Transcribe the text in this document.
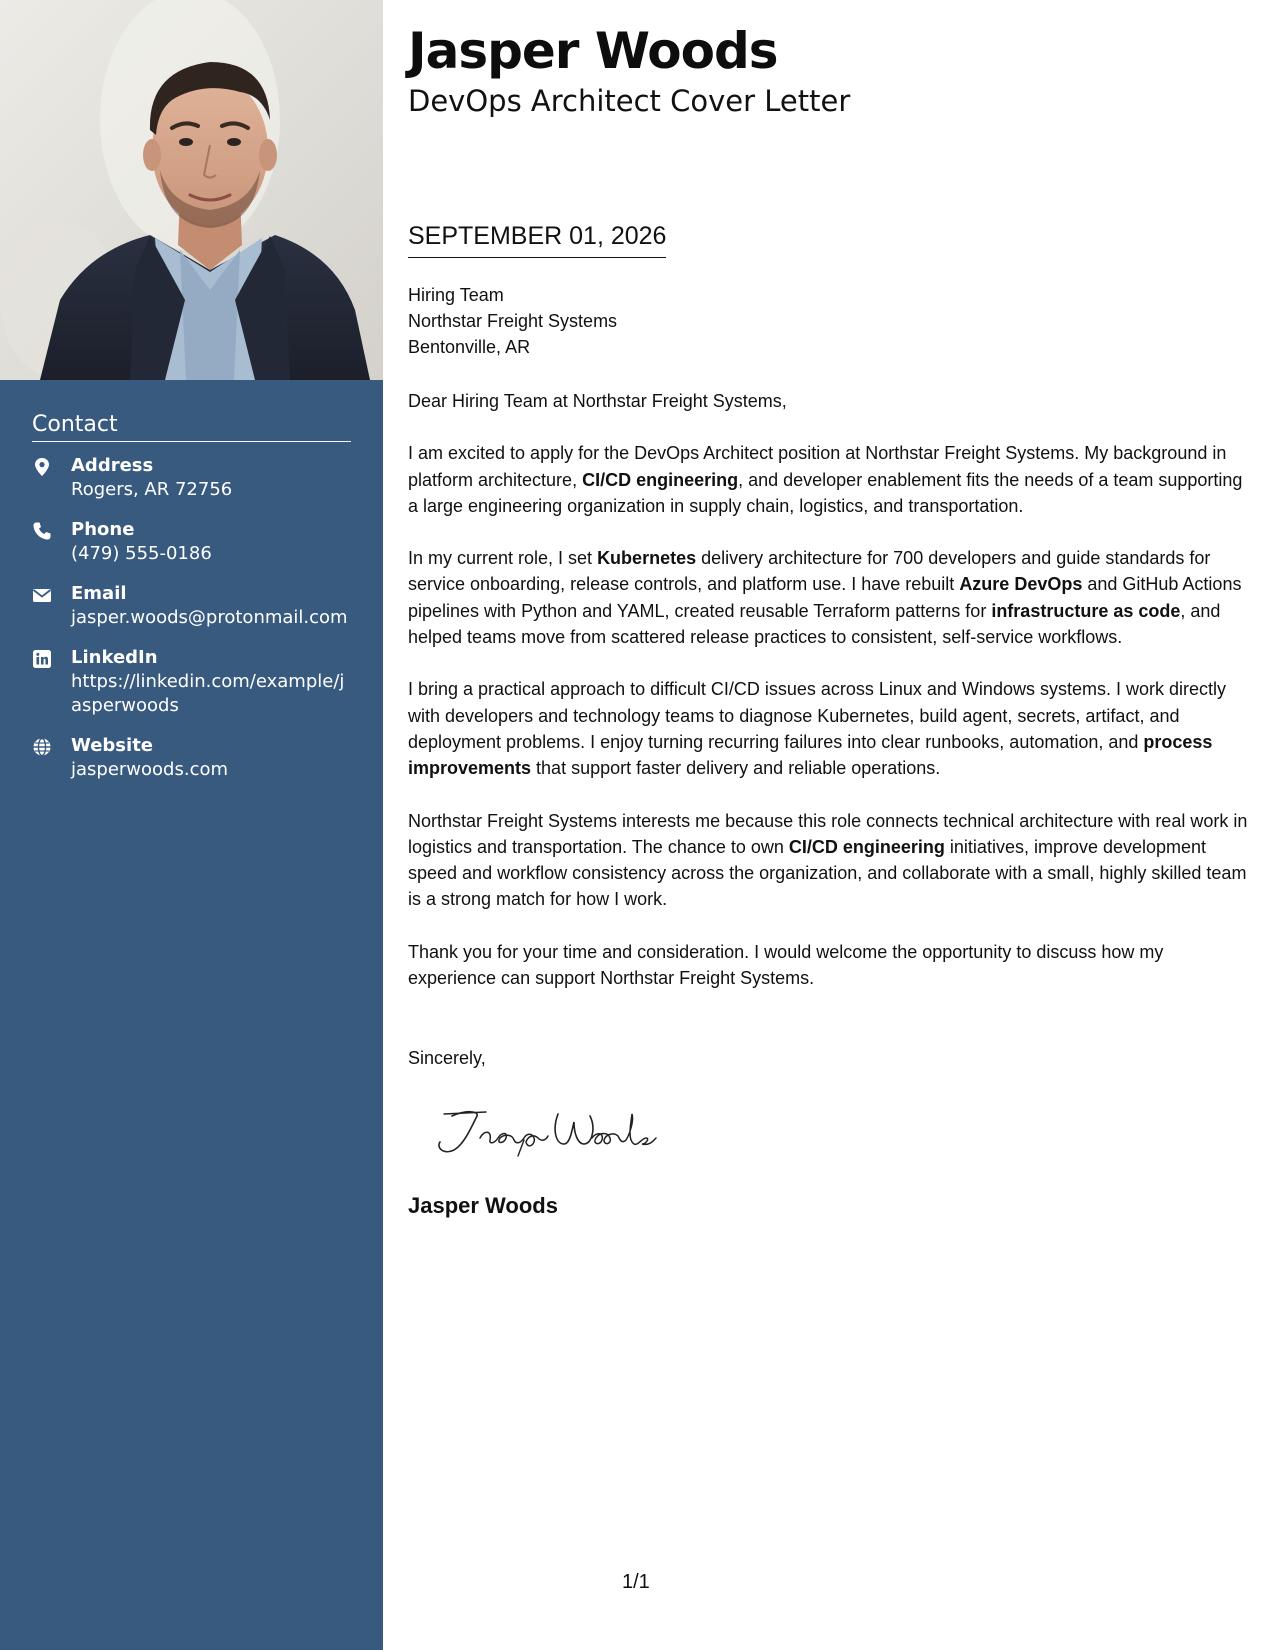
Contact
Address
Rogers, AR 72756
Phone
(479) 555-0186
Email
jasper.woods@protonmail.com
LinkedIn
https://linkedin.com/example/jasperwoods
Website
jasperwoods.com
Jasper Woods
DevOps Architect Cover Letter
SEPTEMBER 01, 2026
Hiring Team
Northstar Freight Systems
Bentonville, AR

Dear Hiring Team at Northstar Freight Systems,

I am excited to apply for the DevOps Architect position at Northstar Freight Systems. My background in platform architecture, CI/CD engineering, and developer enablement fits the needs of a team supporting a large engineering organization in supply chain, logistics, and transportation.

In my current role, I set Kubernetes delivery architecture for 700 developers and guide standards for service onboarding, release controls, and platform use. I have rebuilt Azure DevOps and GitHub Actions pipelines with Python and YAML, created reusable Terraform patterns for infrastructure as code, and helped teams move from scattered release practices to consistent, self-service workflows.

I bring a practical approach to difficult CI/CD issues across Linux and Windows systems. I work directly with developers and technology teams to diagnose Kubernetes, build agent, secrets, artifact, and deployment problems. I enjoy turning recurring failures into clear runbooks, automation, and process improvements that support faster delivery and reliable operations.

Northstar Freight Systems interests me because this role connects technical architecture with real work in logistics and transportation. The chance to own CI/CD engineering initiatives, improve development speed and workflow consistency across the organization, and collaborate with a small, highly skilled team is a strong match for how I work.

Thank you for your time and consideration. I would welcome the opportunity to discuss how my experience can support Northstar Freight Systems.

Sincerely,
Jasper Woods
1/1
